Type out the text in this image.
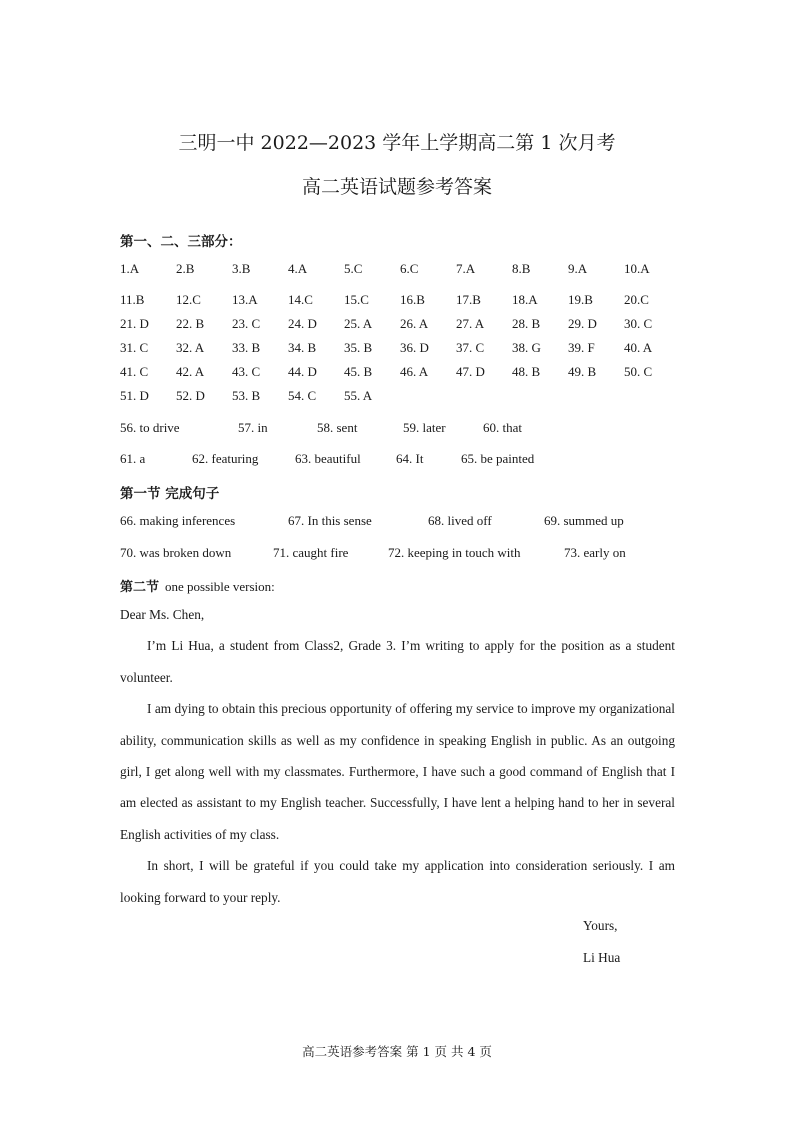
三明一中 2022—2023 学年上学期高二第 1 次月考
高二英语试题参考答案
第一、二、三部分：
1.A	2.B	3.B	4.A	5.C	6.C	7.A	8.B	9.A	10.A
11.B 12.C 13.A 14.C 15.C 16.B 17.B 18.A 19.B 20.C
21. D 22. B 23. C 24. D 25. A 26. A 27. A 28. B 29. D 30. C
31. C 32. A 33. B 34. B 35. B 36. D 37. C 38. G 39. F 40. A
41. C 42. A 43. C 44. D 45. B 46. A 47. D 48. B 49. B 50. C
51. D 52. D 53. B 54. C 55. A
56. to drive	57. in	58. sent	59. later	60. that
61. a	62. featuring	63. beautiful	64. It	65. be painted
第一节 完成句子
66. making inferences	67. In this sense	68. lived off	69. summed up
70. was broken down	71. caught fire	72. keeping in touch with	73. early on
第二节 one possible version:

Dear Ms. Chen,

I’m Li Hua, a student from Class2, Grade 3. I’m writing to apply for the position as a student volunteer.

I am dying to obtain this precious opportunity of offering my service to improve my organizational ability, communication skills as well as my confidence in speaking English in public. As an outgoing girl, I get along well with my classmates. Furthermore, I have such a good command of English that I am elected as assistant to my English teacher. Successfully, I have lent a helping hand to her in several English activities of my class.

In short, I will be grateful if you could take my application into consideration seriously. I am looking forward to your reply.

Yours,
Li Hua
高二英语参考答案 第 1 页 共 4 页
